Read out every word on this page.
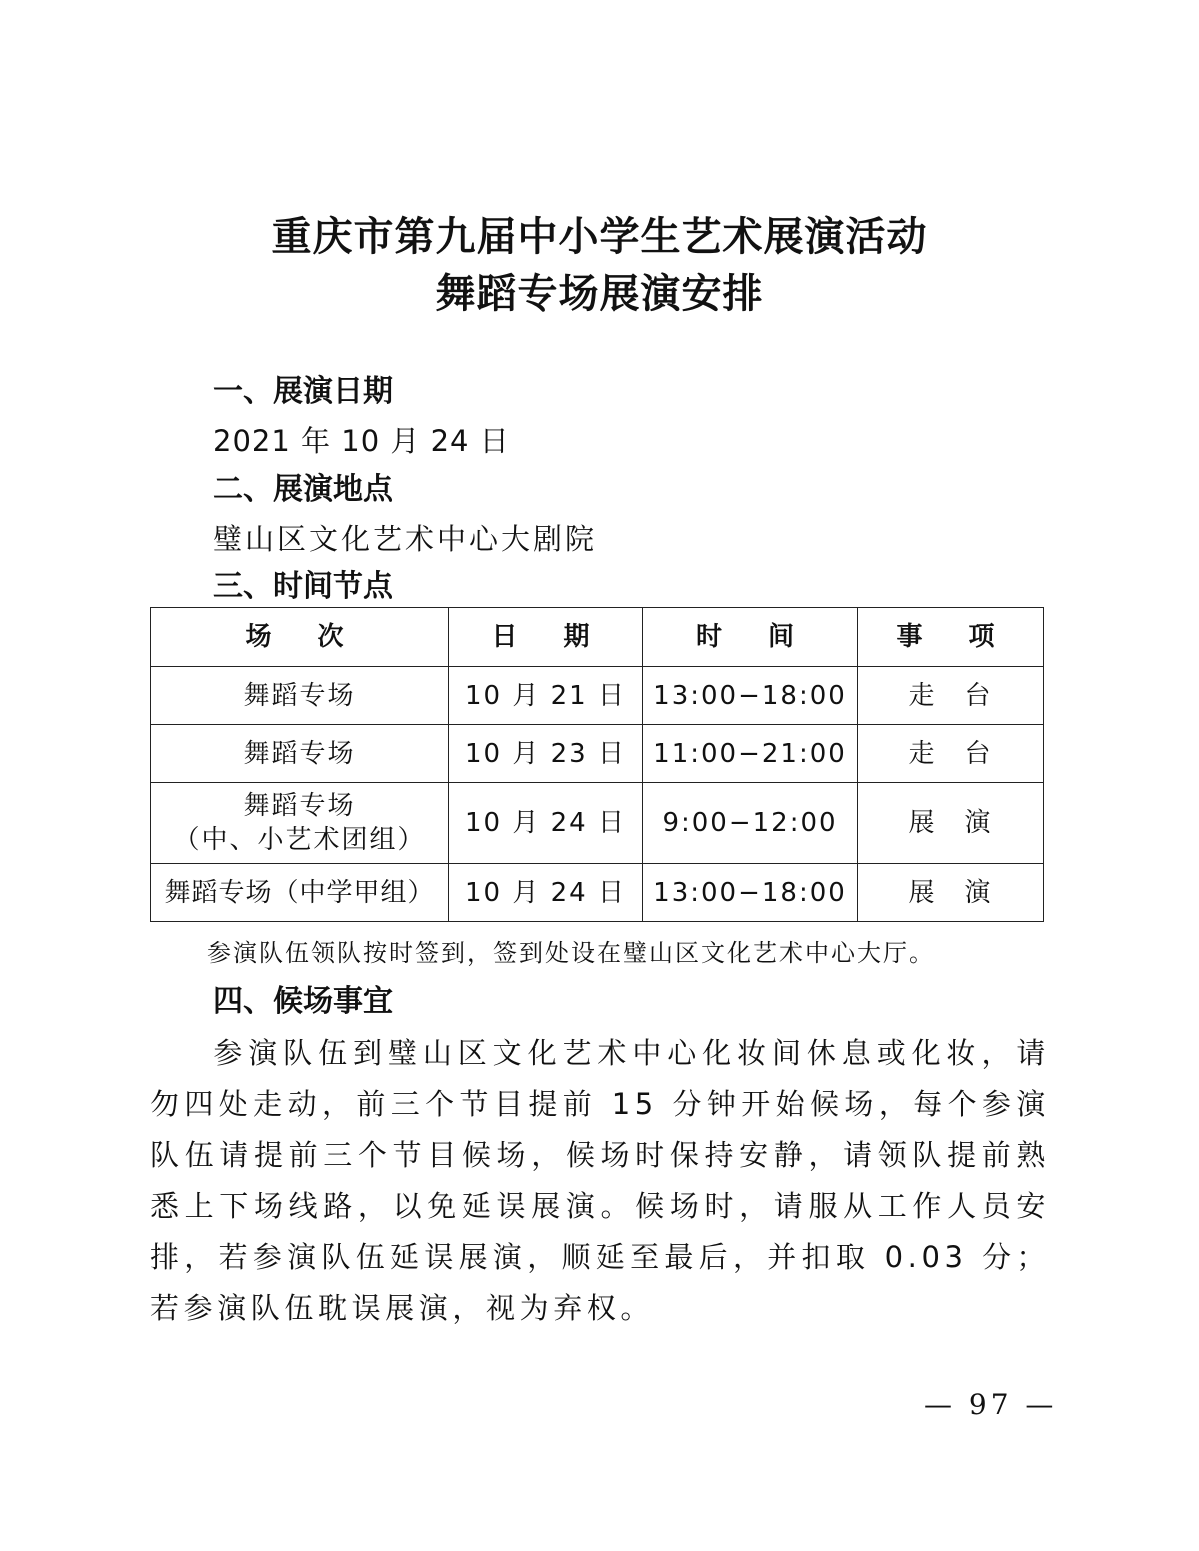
重庆市第九届中小学生艺术展演活动
舞蹈专场展演安排
一、展演日期
2021 年 10 月 24 日
二、展演地点
璧山区文化艺术中心大剧院
三、时间节点
场　次	日　期	时　间	事　项
舞蹈专场	10 月 21 日	13:00−18:00	走　台
舞蹈专场	10 月 23 日	11:00−21:00	走　台

舞蹈专场
（中、小艺术团组）	10 月 24 日	9:00−12:00	展　演
舞蹈专场（中学甲组）	10 月 24 日	13:00−18:00	展　演
参演队伍领队按时签到，签到处设在璧山区文化艺术中心大厅。
四、候场事宜
参演队伍到璧山区文化艺术中心化妆间休息或化妆，请勿四处走动，前三个节目提前 15 分钟开始候场，每个参演队伍请提前三个节目候场，候场时保持安静，请领队提前熟悉上下场线路，以免延误展演。候场时，请服从工作人员安排，若参演队伍延误展演，顺延至最后，并扣取 0.03 分；若参演队伍耽误展演，视为弃权。
— 97 —
